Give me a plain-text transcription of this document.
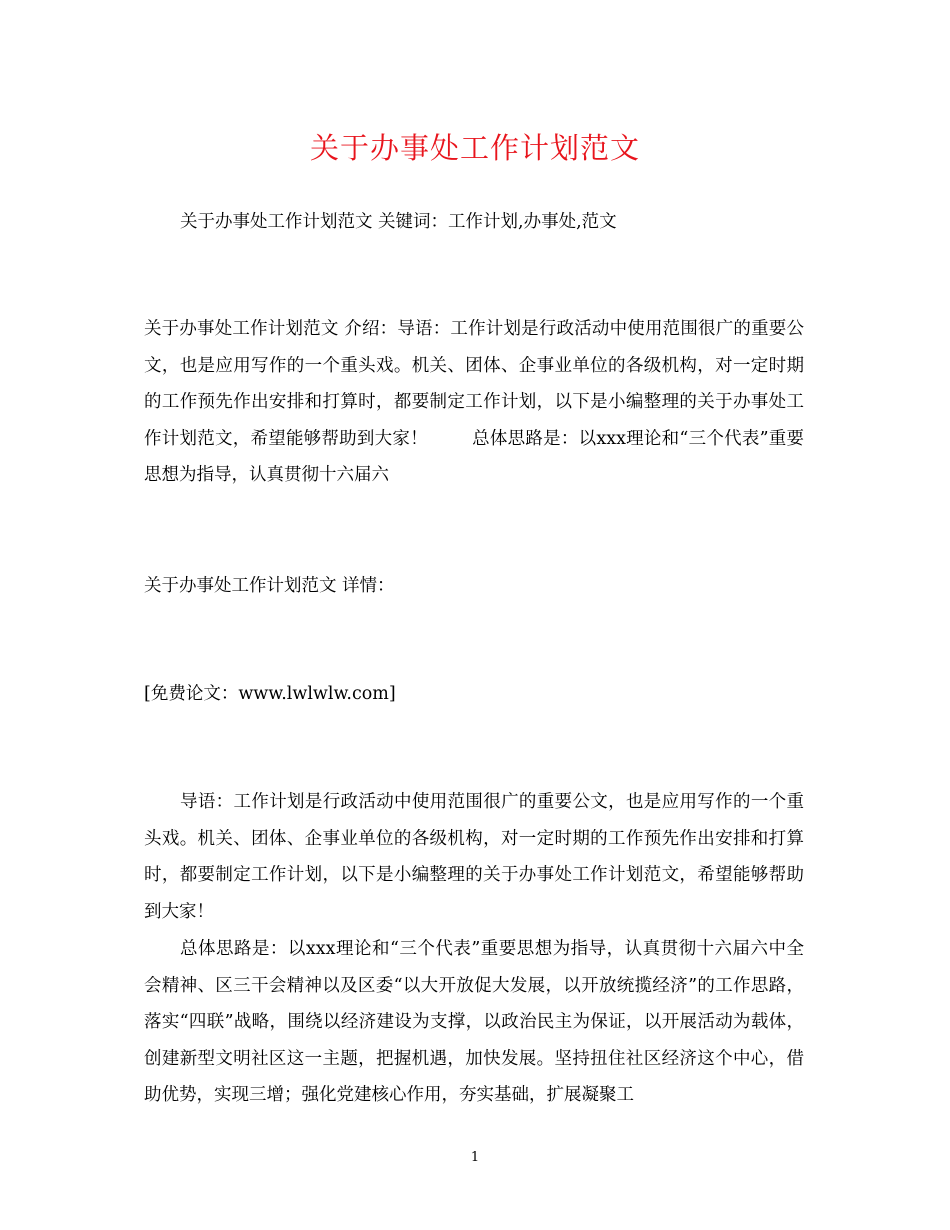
关于办事处工作计划范文
关于办事处工作计划范文 关键词：工作计划,办事处,范文
关于办事处工作计划范文 介绍：导语：工作计划是行政活动中使用范围很广的重要公文，也是应用写作的一个重头戏。机关、团体、企事业单位的各级机构，对一定时期的工作预先作出安排和打算时，都要制定工作计划，以下是小编整理的关于办事处工作计划范文，希望能够帮助到大家！	总体思路是：以xxx理论和“三个代表”重要思想为指导，认真贯彻十六届六
关于办事处工作计划范文 详情：
[免费论文：www.lwlwlw.com]
导语：工作计划是行政活动中使用范围很广的重要公文，也是应用写作的一个重头戏。机关、团体、企事业单位的各级机构，对一定时期的工作预先作出安排和打算时，都要制定工作计划，以下是小编整理的关于办事处工作计划范文，希望能够帮助到大家！
总体思路是：以xxx理论和“三个代表”重要思想为指导，认真贯彻十六届六中全会精神、区三干会精神以及区委“以大开放促大发展，以开放统揽经济”的工作思路，落实“四联”战略，围绕以经济建设为支撑，以政治民主为保证，以开展活动为载体，创建新型文明社区这一主题，把握机遇，加快发展。坚持扭住社区经济这个中心，借助优势，实现三增；强化党建核心作用，夯实基础，扩展凝聚工
1
